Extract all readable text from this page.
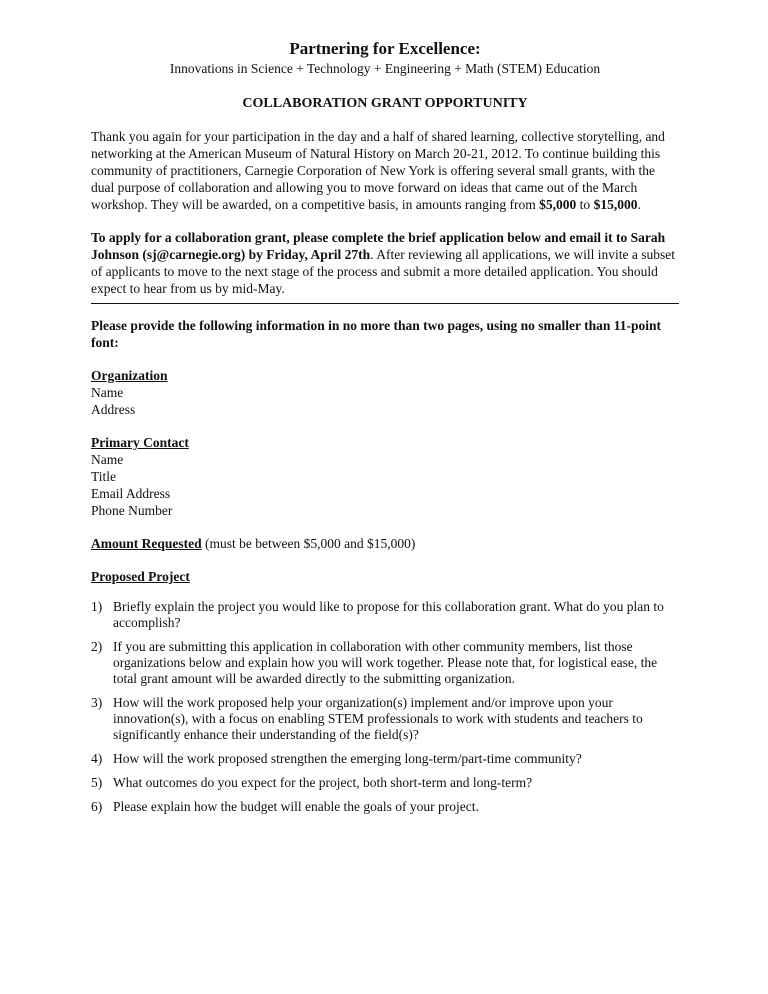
Partnering for Excellence:
Innovations in Science + Technology + Engineering + Math (STEM) Education
COLLABORATION GRANT OPPORTUNITY

Thank you again for your participation in the day and a half of shared learning, collective storytelling, and networking at the American Museum of Natural History on March 20-21, 2012. To continue building this community of practitioners, Carnegie Corporation of New York is offering several small grants, with the dual purpose of collaboration and allowing you to move forward on ideas that came out of the March workshop. They will be awarded, on a competitive basis, in amounts ranging from $5,000 to $15,000.

To apply for a collaboration grant, please complete the brief application below and email it to Sarah Johnson (sj@carnegie.org) by Friday, April 27th. After reviewing all applications, we will invite a subset of applicants to move to the next stage of the process and submit a more detailed application. You should expect to hear from us by mid-May.

Please provide the following information in no more than two pages, using no smaller than 11-point font:

Organization
Name
Address
Primary Contact
Name
Title
Email Address
Phone Number
Amount Requested (must be between $5,000 and $15,000)
Proposed Project
1) Briefly explain the project you would like to propose for this collaboration grant. What do you plan to accomplish?
2) If you are submitting this application in collaboration with other community members, list those organizations below and explain how you will work together. Please note that, for logistical ease, the total grant amount will be awarded directly to the submitting organization.
3) How will the work proposed help your organization(s) implement and/or improve upon your innovation(s), with a focus on enabling STEM professionals to work with students and teachers to significantly enhance their understanding of the field(s)?
4) How will the work proposed strengthen the emerging long-term/part-time community?
5) What outcomes do you expect for the project, both short-term and long-term?
6) Please explain how the budget will enable the goals of your project.
